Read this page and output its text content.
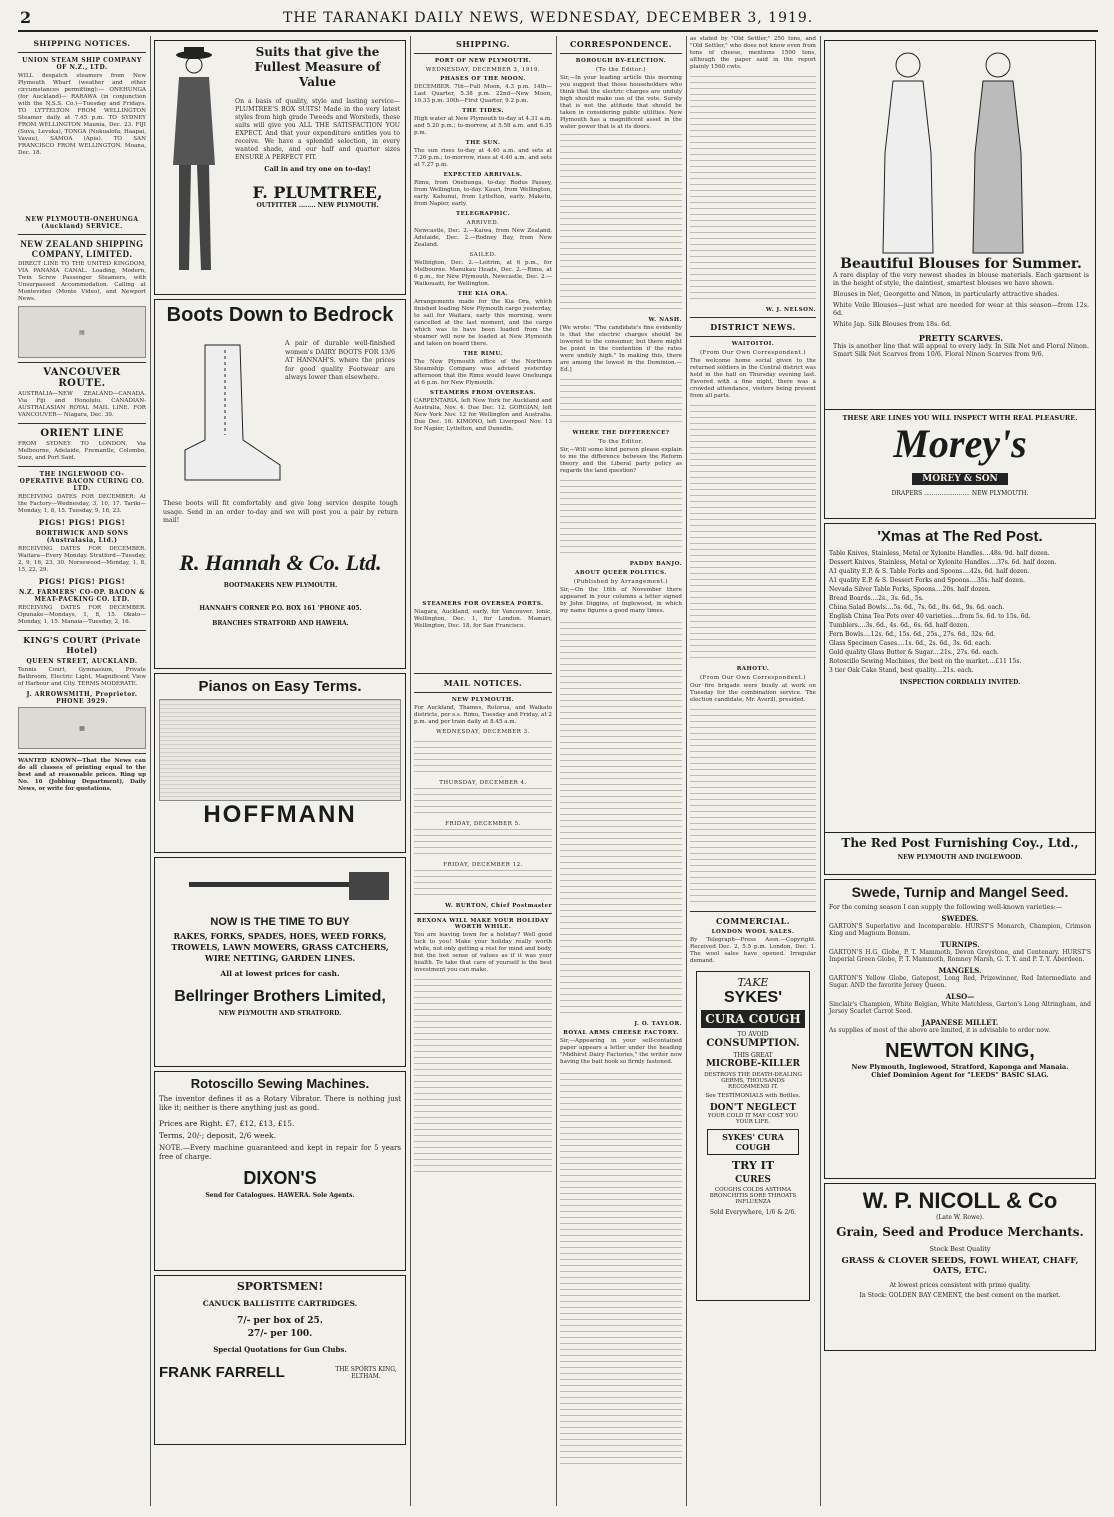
2	THE TARANAKI DAILY NEWS, WEDNESDAY, DECEMBER 3, 1919.
SHIPPING NOTICES.
UNION STEAM SHIP COMPANY OF N.Z., LTD.

WILL despatch steamers from New Plymouth Wharf (weather and other circumstances permitting):— ONEHUNGA (for Auckland)— RARAWA (in conjunction with the N.S.S. Co.)—Tuesday and Fridays. TO LYTTELTON FROM WELLINGTON Steamer daily at 7.45 p.m. TO SYDNEY FROM WELLINGTON Maunia, Dec. 23. FIJI (Suva, Levuka), TONGA (Nukualofa, Haapai, Vavau), SAMOA (Apia). TO SAN FRANCISCO FROM WELLINGTON. Moana, Dec. 18.

NEW PLYMOUTH-ONEHUNGA (Auckland) SERVICE.
NEW ZEALAND SHIPPING COMPANY, LIMITED.

DIRECT LINE TO THE UNITED KINGDOM, VIA PANAMA CANAL. Loading, Modern, Twin Screw Passenger Steamers, with Unsurpassed Accommodation. Calling at Montevideo (Monte Video), and Newport News.

▤
VANCOUVER ROUTE.

AUSTRALIA—NEW ZEALAND—CANADA. Via Fiji and Honolulu. CANADIAN-AUSTRALASIAN ROYAL MAIL LINE. FOR VANCOUVER— Niagara, Dec. 30.

ORIENT LINE

FROM SYDNEY TO LONDON. Via Melbourne, Adelaide, Fremantle, Colombo, Suez, and Port Said.

THE INGLEWOOD CO-OPERATIVE BACON CURING CO. LTD.

RECEIVING DATES FOR DECEMBER: At the Factory—Wednesday, 3, 10, 17. Tariki—Monday, 1, 8, 15. Tuesday, 9, 16, 23.

PIGS! PIGS! PIGS!
BORTHWICK AND SONS (Australasia, Ltd.)

RECEIVING DATES FOR DECEMBER. Waitara—Every Monday. Stratford—Tuesday, 2, 9, 16, 23, 30. Norsewood—Monday, 1, 8, 15, 22, 29.

PIGS! PIGS! PIGS!
N.Z. FARMERS' CO-OP. BACON & MEAT-PACKING CO. LTD.

RECEIVING DATES FOR DECEMBER. Opunake—Mondays, 1, 8, 15. Okato—Monday, 1, 15. Manaia—Tuesday, 2, 16.

KING'S COURT (Private Hotel)
QUEEN STREET, AUCKLAND.

Tennis Court, Gymnasium, Private Bathroom, Electric Light, Magnificent View of Harbour and City. TERMS MODERATE.

J. ARROWSMITH, Proprietor. PHONE 3929.
▦

WANTED KNOWN—That the News can do all classes of printing equal to the best and at reasonable prices. Ring up No. 16 (Jobbing Department), Daily News, or write for quotations.

Suits that give the Fullest Measure of Value

On a basis of quality, style and lasting service— PLUMTREE'S BOX SUITS! Made in the very latest styles from high grade Tweeds and Worsteds, these suits will give you ALL THE SATISFACTION YOU EXPECT. And that your expenditure entitles you to receive. We have a splendid selection, in every wanted shade, and our half and quarter sizes ENSURE A PERFECT FIT.

Call in and try one on to-day!
F. PLUMTREE,
OUTFITTER ........ NEW PLYMOUTH.
Boots Down to Bedrock

A pair of durable well-finished women's DAIRY BOOTS FOR 13/6 AT HANNAH'S. where the prices for good quality Footwear are always lower than elsewhere.

These boots will fit comfortably and give long service despite tough usage. Send in an order to-day and we will post you a pair by return mail!

R. Hannah & Co. Ltd.
BOOTMAKERS NEW PLYMOUTH.
HANNAH'S CORNER P.O. BOX 161 'PHONE 405.
BRANCHES STRATFORD AND HAWERA.
Pianos on Easy Terms.
HOFFMANN
NOW IS THE TIME TO BUY
RAKES, FORKS, SPADES, HOES, WEED FORKS, TROWELS, LAWN MOWERS, GRASS CATCHERS, WIRE NETTING, GARDEN LINES.
All at lowest prices for cash.
Bellringer Brothers Limited,
NEW PLYMOUTH AND STRATFORD.
Rotoscillo Sewing Machines.

The inventor defines it as a Rotary Vibrator. There is nothing just like it; neither is there anything just as good.

Prices are Right. £7, £12, £13, £15.
Terms, 20/-; deposit, 2/6 week.

NOTE.—Every machine guaranteed and kept in repair for 5 years free of charge.

DIXON'S
Send for Catalogues. HAWERA. Sole Agents.
SPORTSMEN!
CANUCK BALLISTITE CARTRIDGES.
7/- per box of 25.
27/- per 100.
Special Quotations for Gun Clubs.
FRANK FARRELL	THE SPORTS KING, ELTHAM.
SHIPPING.
PORT OF NEW PLYMOUTH.
WEDNESDAY, DECEMBER 3, 1919.
PHASES OF THE MOON.

DECEMBER. 7th—Full Moon, 4.3 p.m. 14th—Last Quarter, 5.38 p.m. 22nd—New Moon, 10.33 p.m. 30th—First Quarter, 9.2 p.m.

THE TIDES.

High water at New Plymouth to-day at 4.31 a.m. and 5.20 p.m.; to-morrow, at 5.58 a.m. and 6.35 p.m.

THE SUN.

The sun rises to-day at 4.40 a.m. and sets at 7.26 p.m.; to-morrow, rises at 4.40 a.m. and sets at 7.27 p.m.

EXPECTED ARRIVALS.

Rimu, from Onehunga, to-day. Rodus Passey, from Wellington, to-day. Kauri, from Wellington, early. Kahunui, from Lyttelton, early. Maketu, from Napier, early.

TELEGRAPHIC.
ARRIVED.

Newcastle, Dec. 2.—Kaiwa, from New Zealand. Adelaide, Dec. 2.—Rodney Bay, from New Zealand.

SAILED.

Wellington, Dec. 2.—Leitrim, at 6 p.m., for Melbourne. Manukau Heads, Dec. 2.—Rimu, at 6 p.m., for New Plymouth. Newcastle, Dec. 2.—Waikouaiti, for Wellington.

THE KIA ORA.

Arrangements made for the Kia Ora, which finished loading New Plymouth cargo yesterday, to sail for Waitara, early this morning, were cancelled at the last moment, and the cargo which was to have been loaded from the steamer will now be loaded at New Plymouth and taken on board there.

THE RIMU.

The New Plymouth office of the Northern Steamship Company was advised yesterday afternoon that the Rimu would leave Onehunga at 6 p.m. for New Plymouth.

STEAMERS FROM OVERSEAS.

CARPENTARIA, left New York for Auckland and Australia, Nov. 4. Due Dec. 12. GORGIAN, left New York Nov. 12 for Wellington and Australia. Due Dec. 16. KIMONO, left Liverpool Nov. 13 for Napier, Lyttelton, and Dunedin.

STEAMERS FOR OVERSEA PORTS.

Niagara, Auckland, early, for Vancouver. Ionic, Wellington, Dec. 1, for London. Mamari, Wellington, Dec. 18, for San Francisco.

MAIL NOTICES.
NEW PLYMOUTH.

For Auckland, Thames, Rotorua, and Waikato districts, per s.s. Rimu, Tuesday and Friday, at 2 p.m. and per train daily at 8.45 a.m.

WEDNESDAY, DECEMBER 3.
THURSDAY, DECEMBER 4.
FRIDAY, DECEMBER 5.
FRIDAY, DECEMBER 12.
W. BURTON, Chief Postmaster
REXONA WILL MAKE YOUR HOLIDAY WORTH WHILE.

You are leaving town for a holiday? Well good luck to you! Make your holiday really worth while, not only getting a rest for mind and body, but the lost sense of values as if it was your health. To take that care of yourself is the best investment you can make.

CORRESPONDENCE.
BOROUGH BY-ELECTION.
(To the Editor.)

Sir,—In your leading article this morning you suggest that those householders who think that the electric charges are unduly high should make use of the vote. Surely that is not the attitude that should be taken in considering public utilities. New Plymouth has a magnificent asset in the water power that is at its doors.

W. NASH.

[We wrote: "The candidate's fine evidently is that the electric charges should be lowered to the consumer, but there might be point in the contention if the rates were unduly high." In making this, there are among the lowest in the Dominion.—Ed.]

WHERE THE DIFFERENCE?
To the Editor.

Sir,—Will some kind person please explain to me the difference between the Reform theory and the Liberal party policy as regards the land question?

PADDY BANJO.
ABOUT QUEER POLITICS.
(Published by Arrangement.)

Sir,—On the 16th of November there appeared in your columns a letter signed by John Diggins, of Inglewood, in which my name figures a good many times.

J. O. TAYLOR.
ROYAL ARMS CHEESE FACTORY.

Sir,—Appearing in your self-contained paper appears a letter under the heading "Midhirst Dairy Factories," the writer now having the bait hook so firmly fastened.

as stated by "Old Settler," 250 tons, and "Old Settler," who does not know even from tons of cheese, mentions 1500 tons, although the paper said in the report plainly 1560 cwts.

W. J. NELSON.
DISTRICT NEWS.
WAITOITOI.
(From Our Own Correspondent.)

The welcome home social given to the returned soldiers in the Central district was held in the hall on Thursday evening last. Favored with a fine night, there was a crowded attendance, visitors being present from all parts.

RAHOTU.
(From Our Own Correspondent.)

Our fire brigade were busily at work on Tuesday for the combination service. The election candidate, Mr. Averill, presided.

COMMERCIAL.
LONDON WOOL SALES.

By Telegraph—Press Assn.—Copyright. Received Dec. 2, 5.5 p.m. London, Dec. 1. The wool sales have opened. Irregular demand.

TAKE
SYKES'
CURA COUGH
TO AVOID
CONSUMPTION.
THIS GREAT
MICROBE-KILLER
DESTROYS THE DEATH-DEALING GERMS, THOUSANDS RECOMMEND IT.
See TESTIMONIALS with Bottles.
DON'T NEGLECT
YOUR COLD IT MAY COST YOU YOUR LIFE.
SYKES' CURA COUGH
TRY IT
CURES
COUGHS COLDS ASTHMA BRONCHITIS SORE THROATS INFLUENZA
Sold Everywhere, 1/6 & 2/6.
Beautiful Blouses for Summer.

A rare display of the very newest shades in blouse materials. Each garment is in the height of style, the daintiest, smartest blouses we have shown.

Blouses in Net, Georgette and Ninon, in particularly attractive shades.

White Voile Blouses—just what are needed for wear at this season—from 12s. 6d.

White Jap. Silk Blouses from 18s. 6d.

PRETTY SCARVES.

This is another line that will appeal to every lady. In Silk Net and Floral Ninon. Smart Silk Net Scarves from 10/6. Floral Ninon Scarves from 9/6.

THESE ARE LINES YOU WILL INSPECT WITH REAL PLEASURE.
Morey's
MOREY & SON
DRAPERS ........................ NEW PLYMOUTH.
'Xmas at The Red Post.
Table Knives, Stainless, Metal or Xylonite Handles....48s. 9d. half dozen.
Dessert Knives, Stainless, Metal or Xylonite Handles....37s. 6d. half dozen.
A1 quality E.P. & S. Table Forks and Spoons....42s. 6d. half dozen.
A1 quality E.P. & S. Dessert Forks and Spoons....35s. half dozen.
Nevada Silver Table Forks, Spoons....20s. half dozen.
Bread Boards....2s., 3s. 6d., 5s.
China Salad Bowls....5s. 6d., 7s. 6d., 8s. 6d., 9s. 6d. each.
English China Tea Pots over 40 varieties....from 5s. 6d. to 15s. 6d.
Tumblers....3s. 6d., 4s. 6d., 6s. 6d. half dozen.
Fern Bowls....12s. 6d., 15s. 6d., 25s., 27s. 6d., 32s. 6d.
Glass Specimen Cases....1s. 6d., 2s. 6d., 3s. 6d. each.
Gold quality Glass Butter & Sugar....21s., 27s. 6d. each.
Rotoscillo Sewing Machines, the best on the market....£11 15s.
3 tier Oak Cake Stand, best quality....21s. each.
INSPECTION CORDIALLY INVITED.
The Red Post Furnishing Coy., Ltd.,
NEW PLYMOUTH AND INGLEWOOD.
Swede, Turnip and Mangel Seed.

For the coming season I can supply the following well-known varieties:—

SWEDES.

GARTON'S Superlative and Incomparable. HURST'S Monarch, Champion, Crimson King and Magnum Bonum.

TURNIPS.

GARTON'S H.G. Globe, P. T. Mammoth, Devon Greystone, and Centenary. HURST'S Imperial Green Globe, P. T. Mammoth, Romney Marsh, G. T. Y. and P. T. Y. Aberdeen.

MANGELS.

GARTON'S Yellow Globe, Gatepost, Long Red, Prizewinner, Red Intermediate and Sugar. AND the favorite Jersey Queen.

ALSO—

Sinclair's Champion, White Belgian, White Matchless, Garton's Long Altringham, and Jersey Scarlet Carrot Seed.

JAPANESE MILLET.

As supplies of most of the above are limited, it is advisable to order now.

NEWTON KING,
New Plymouth, Inglewood, Stratford, Kaponga and Manaia.
Chief Dominion Agent for "LEEDS" BASIC SLAG.
W. P. NICOLL & Co
(Late W. Rowe).
Grain, Seed and Produce Merchants.
Stock Best Quality
GRASS & CLOVER SEEDS, FOWL WHEAT, CHAFF, OATS, ETC.
At lowest prices consistent with prime quality.
In Stock: GOLDEN BAY CEMENT, the best cement on the market.
